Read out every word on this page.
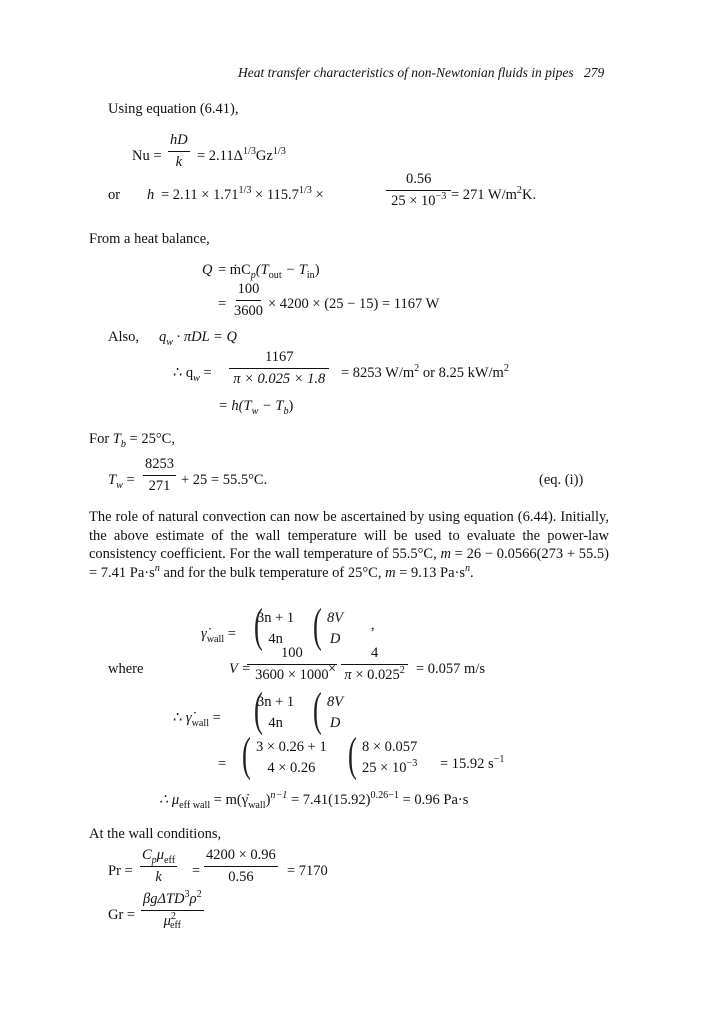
Heat transfer characteristics of non-Newtonian fluids in pipes 279
Using equation (6.41),
Nu =
hD
$k = 2.11\Delta^{1/3}Gz^{1/3}$
or $h = 2.11 \times 1.71^{1/3} \times 115.7^{1/3}$ ×
0.56
$25 \times 10^{-3} = 271$ $W/m^2K$.
From a heat balance,
$Q = ṁC_p(T_{out} - T_{in})$
=
100
3600 × 4200 × (25 − 15) = 1167 W
Also, $q_w \cdot \pi DL = Q$
∴ $q_w$ =
1167
π × 0.025 × 1.8 = 8253 $W/m^2$ or 8.25 $kW/m^2$
= $h(T_w - T_b)$
For $T_b = 25^\circ C$,
$T_w$ =
8253
271 + 25 = 55.5°C.	(eq. (i))
The role of natural convection can now be ascertained by using equation (6.44). Initially, the above estimate of the wall temperature will be used to evaluate the power-law consistency coefficient. For the wall temperature of 55.5°C, m = 26 − 0.0566(273 + 55.5) = 7.41 $Pa\cdot s^n$ and for the bulk temperature of 25°C, m = 9.13 $Pa\cdot s^n$.
$\gammȧ_{wall}$ = (
3n + 1
4n ( 8V
D
,
where	V =
100
3600 × 1000 ×
4
$\pi \times 0.025^2 = 0.057$ m/s
∴ $\gammȧ_{wall}$ = (
3n + 1
4n ( 8V
D
= ( 3 × 0.26 + 1
4 × 0.26 ( 8 × 0.057
$25 \times 10^{-3} = 15.92$ $s^{-1}$
∴ $\mu_{eff wall}$ = $m(\gammȧ_{wall})^{n-1} = 7.41(15.92)^{0.26-1} = 0.96$ Pa·s
At the wall conditions,
Pr =
$C_p\mu_{eff}$
k =
4200 × 0.96
0.56 = 7170
Gr =
$\beta g\Delta TD^3\rho^2$
$\mu^2_{eff}$
